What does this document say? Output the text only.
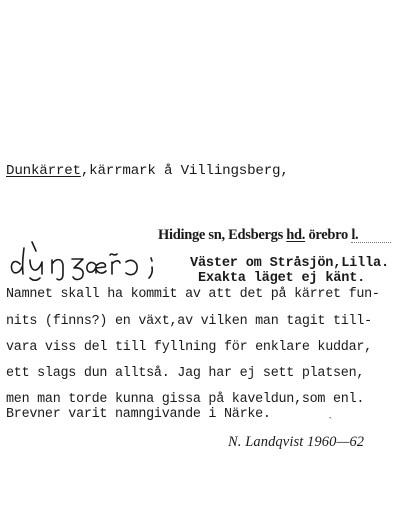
Dunkärret,kärrmark å Villingsberg,
Hidinge sn, Edsbergs hd. örebro l.
Väster om Stråsjön,Lilla.
Exakta läget ej känt.
Namnet skall ha kommit av att det på kärret fun-
nits (finns?) en växt,av vilken man tagit till-
vara viss del till fyllning för enklare kuddar,
ett slags dun alltså. Jag har ej sett platsen,
men man torde kunna gissa på kaveldun,som enl.
Brevner varit namngivande i Närke.
`
N. Landqvist 1960—62
